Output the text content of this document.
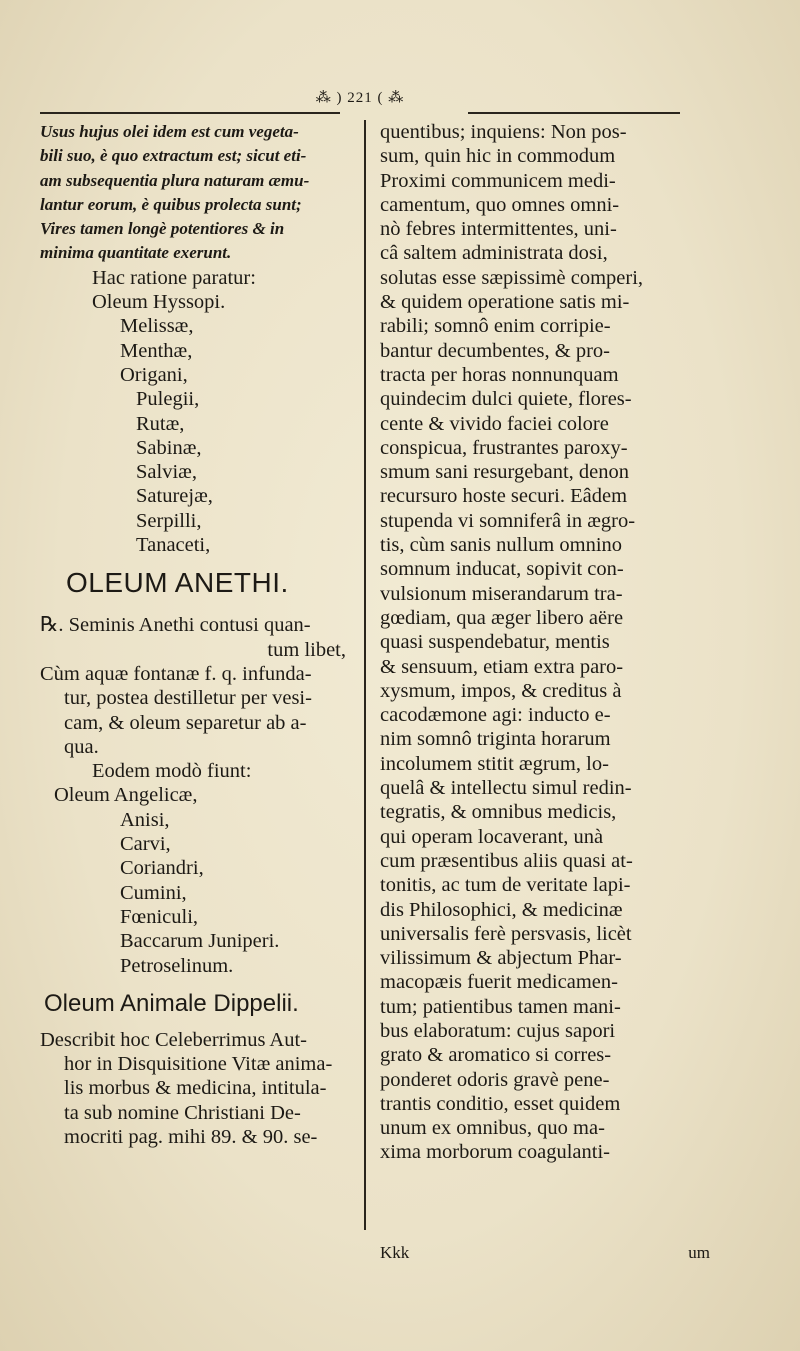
⁂ ) 221 ( ⁂
Usus hujus olei idem est cum vegeta-
bili suo, è quo extractum est; sicut eti-
am subsequentia plura naturam æmu-
lantur eorum, è quibus prolecta sunt;
Vires tamen longè potentiores & in
minima quantitate exerunt.
Hac ratione paratur:
Oleum Hyssopi.
Melissæ,
Menthæ,
Origani,
Pulegii,
Rutæ,
Sabinæ,
Salviæ,
Saturejæ,
Serpilli,
Tanaceti,
OLEUM ANETHI.
℞. Seminis Anethi contusi quan-
tum libet,
Cùm aquæ fontanæ f. q. infunda-
tur, postea destilletur per vesi-
cam, & oleum separetur ab a-
qua.
Eodem modò fiunt:
Oleum Angelicæ,
Anisi,
Carvi,
Coriandri,
Cumini,
Fœniculi,
Baccarum Juniperi.
Petroselinum.
Oleum Animale Dippelii.
Describit hoc Celeberrimus Aut-
hor in Disquisitione Vitæ anima-
lis morbus & medicina, intitula-
ta sub nomine Christiani De-
mocriti pag. mihi 89. & 90. se-
quentibus; inquiens: Non pos-
sum, quin hic in commodum
Proximi communicem medi-
camentum, quo omnes omni-
nò febres intermittentes, uni-
câ saltem administrata dosi,
solutas esse sæpissimè comperi,
& quidem operatione satis mi-
rabili; somnô enim corripie-
bantur decumbentes, & pro-
tracta per horas nonnunquam
quindecim dulci quiete, flores-
cente & vivido faciei colore
conspicua, frustrantes paroxy-
smum sani resurgebant, denon
recursuro hoste securi. Eâdem
stupenda vi somniferâ in ægro-
tis, cùm sanis nullum omnino
somnum inducat, sopivit con-
vulsionum miserandarum tra-
gœdiam, qua æger libero aëre
quasi suspendebatur, mentis
& sensuum, etiam extra paro-
xysmum, impos, & creditus à
cacodæmone agi: inducto e-
nim somnô triginta horarum
incolumem stitit ægrum, lo-
quelâ & intellectu simul redin-
tegratis, & omnibus medicis,
qui operam locaverant, unà
cum præsentibus aliis quasi at-
tonitis, ac tum de veritate lapi-
dis Philosophici, & medicinæ
universalis ferè persvasis, licèt
vilissimum & abjectum Phar-
macopæis fuerit medicamen-
tum; patientibus tamen mani-
bus elaboratum: cujus sapori
grato & aromatico si corres-
ponderet odoris gravè pene-
trantis conditio, esset quidem
unum ex omnibus, quo ma-
xima morborum coagulanti-
Kkk	um
